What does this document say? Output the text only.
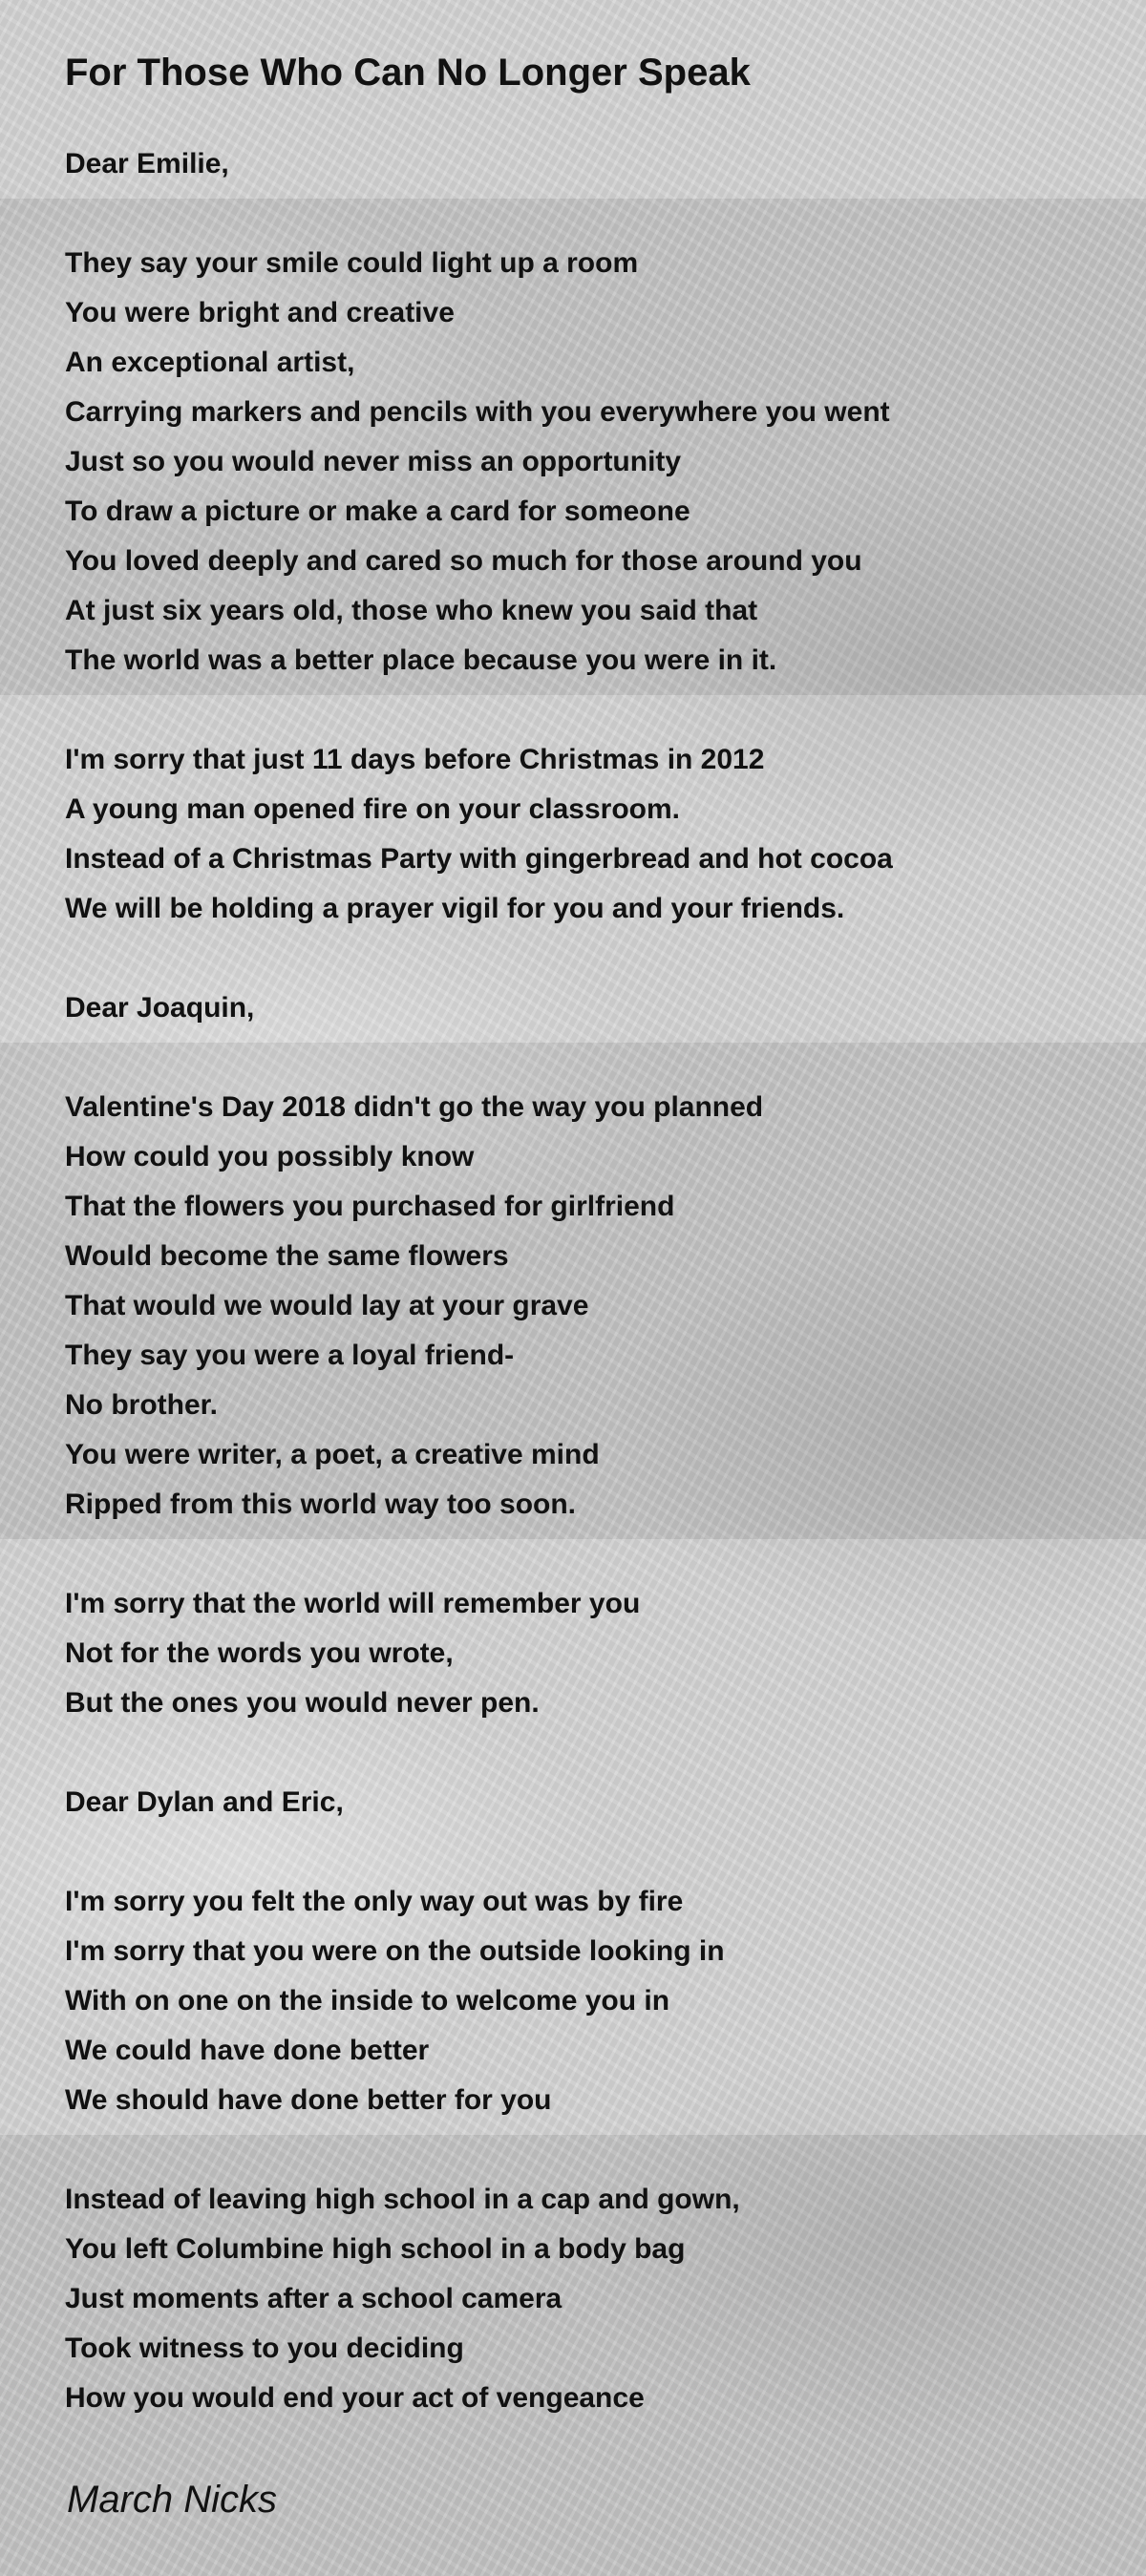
For Those Who Can No Longer Speak
Dear Emilie,
They say your smile could light up a room
You were bright and creative
An exceptional artist,
Carrying markers and pencils with you everywhere you went
Just so you would never miss an opportunity
To draw a picture or make a card for someone
You loved deeply and cared so much for those around you
At just six years old, those who knew you said that
The world was a better place because you were in it.
I'm sorry that just 11 days before Christmas in 2012
A young man opened fire on your classroom.
Instead of a Christmas Party with gingerbread and hot cocoa
We will be holding a prayer vigil for you and your friends.
Dear Joaquin,
Valentine's Day 2018 didn't go the way you planned
How could you possibly know
That the flowers you purchased for girlfriend
Would become the same flowers
That would we would lay at your grave
They say you were a loyal friend-
No brother.
You were writer, a poet, a creative mind
Ripped from this world way too soon.
I'm sorry that the world will remember you
Not for the words you wrote,
But the ones you would never pen.
Dear Dylan and Eric,
I'm sorry you felt the only way out was by fire
I'm sorry that you were on the outside looking in
With on one on the inside to welcome you in
We could have done better
We should have done better for you
Instead of leaving high school in a cap and gown,
You left Columbine high school in a body bag
Just moments after a school camera
Took witness to you deciding
How you would end your act of vengeance

March Nicks
